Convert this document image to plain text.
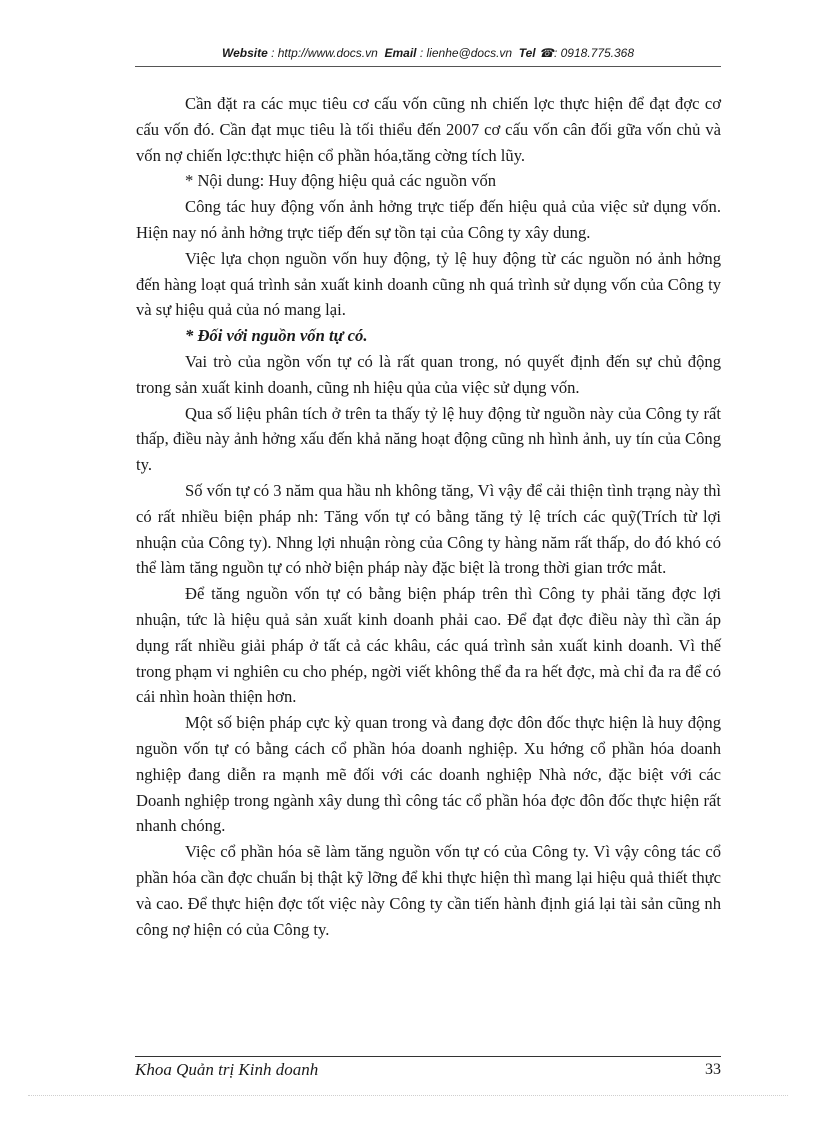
Website : http://www.docs.vn Email : lienhe@docs.vn Tel ☎: 0918.775.368

Cần đặt ra các mục tiêu cơ cấu vốn cũng nh chiến lợc thực hiện để đạt đợc cơ cấu vốn đó. Cần đạt mục tiêu là tối thiểu đến 2007 cơ cấu vốn cân đối gữa vốn chủ và vốn nợ chiến lợc:thực hiện cổ phần hóa,tăng cờng tích lũy.

* Nội dung: Huy động hiệu quả các nguồn vốn

Công tác huy động vốn ảnh hởng trực tiếp đến hiệu quả của việc sử dụng vốn. Hiện nay nó ảnh hởng trực tiếp đến sự tồn tại của Công ty xây dung.

Việc lựa chọn nguồn vốn huy động, tỷ lệ huy động từ các nguồn nó ảnh hởng đến hàng loạt quá trình sản xuất kinh doanh cũng nh quá trình sử dụng vốn của Công ty và sự hiệu quả của nó mang lại.

* Đối với nguồn vốn tự có.

Vai trò của ngồn vốn tự có là rất quan trong, nó quyết định đến sự chủ động trong sản xuất kinh doanh, cũng nh hiệu qủa của việc sử dụng vốn.

Qua số liệu phân tích ở trên ta thấy tỷ lệ huy động từ nguồn này của Công ty rất thấp, điều này ảnh hởng xấu đến khả năng hoạt động cũng nh hình ảnh, uy tín của Công ty.

Số vốn tự có 3 năm qua hầu nh không tăng, Vì vậy để cải thiện tình trạng này thì có rất nhiều biện pháp nh: Tăng vốn tự có bằng tăng tỷ lệ trích các quỹ(Trích từ lợi nhuận của Công ty). Nhng lợi nhuận ròng của Công ty hàng năm rất thấp, do đó khó có thể làm tăng nguồn tự có nhờ biện pháp này đặc biệt là trong thời gian trớc mắt.

Để tăng nguồn vốn tự có bằng biện pháp trên thì Công ty phải tăng đợc lợi nhuận, tức là hiệu quả sản xuất kinh doanh phải cao. Để đạt đợc điều này thì cần áp dụng rất nhiều giải pháp ở tất cả các khâu, các quá trình sản xuất kinh doanh. Vì thế trong phạm vi nghiên cu cho phép, ngời viết không thể đa ra hết đợc, mà chỉ đa ra để có cái nhìn hoàn thiện hơn.

Một số biện pháp cực kỳ quan trong và đang đợc đôn đốc thực hiện là huy động nguồn vốn tự có bằng cách cổ phần hóa doanh nghiệp. Xu hớng cổ phần hóa doanh nghiệp đang diễn ra mạnh mẽ đối với các doanh nghiệp Nhà nớc, đặc biệt với các Doanh nghiệp trong ngành xây dung thì công tác cổ phần hóa đợc đôn đốc thực hiện rất nhanh chóng.

Việc cổ phần hóa sẽ làm tăng nguồn vốn tự có của Công ty. Vì vậy công tác cổ phần hóa cần đợc chuẩn bị thật kỹ lỡng để khi thực hiện thì mang lại hiệu quả thiết thực và cao. Để thực hiện đợc tốt việc này Công ty cần tiến hành định giá lại tài sản cũng nh công nợ hiện có của Công ty.

Khoa Quản trị Kinh doanh	33
